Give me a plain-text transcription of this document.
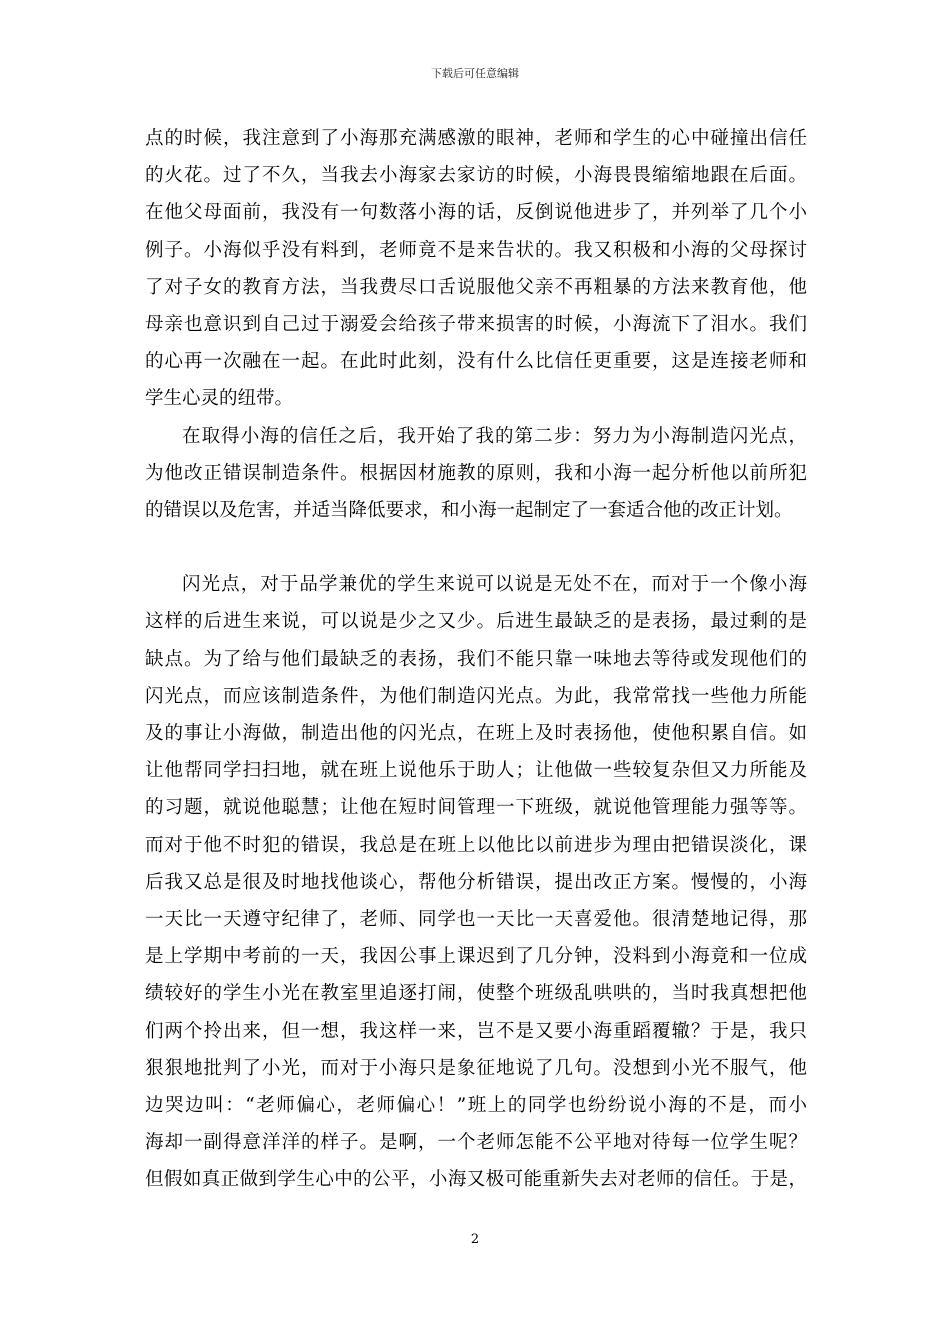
下载后可任意编辑
点的时候，我注意到了小海那充满感激的眼神，老师和学生的心中碰撞出信任
的火花。过了不久，当我去小海家去家访的时候，小海畏畏缩缩地跟在后面。
在他父母面前，我没有一句数落小海的话，反倒说他进步了，并列举了几个小
例子。小海似乎没有料到，老师竟不是来告状的。我又积极和小海的父母探讨
了对子女的教育方法，当我费尽口舌说服他父亲不再粗暴的方法来教育他，他
母亲也意识到自己过于溺爱会给孩子带来损害的时候，小海流下了泪水。我们
的心再一次融在一起。在此时此刻，没有什么比信任更重要，这是连接老师和
学生心灵的纽带。
在取得小海的信任之后，我开始了我的第二步：努力为小海制造闪光点，
为他改正错误制造条件。根据因材施教的原则，我和小海一起分析他以前所犯
的错误以及危害，并适当降低要求，和小海一起制定了一套适合他的改正计划。
闪光点，对于品学兼优的学生来说可以说是无处不在，而对于一个像小海
这样的后进生来说，可以说是少之又少。后进生最缺乏的是表扬，最过剩的是
缺点。为了给与他们最缺乏的表扬，我们不能只靠一味地去等待或发现他们的
闪光点，而应该制造条件，为他们制造闪光点。为此，我常常找一些他力所能
及的事让小海做，制造出他的闪光点，在班上及时表扬他，使他积累自信。如
让他帮同学扫扫地，就在班上说他乐于助人；让他做一些较复杂但又力所能及
的习题，就说他聪慧；让他在短时间管理一下班级，就说他管理能力强等等。
而对于他不时犯的错误，我总是在班上以他比以前进步为理由把错误淡化，课
后我又总是很及时地找他谈心，帮他分析错误，提出改正方案。慢慢的，小海
一天比一天遵守纪律了，老师、同学也一天比一天喜爱他。很清楚地记得，那
是上学期中考前的一天，我因公事上课迟到了几分钟，没料到小海竟和一位成
绩较好的学生小光在教室里追逐打闹，使整个班级乱哄哄的，当时我真想把他
们两个拎出来，但一想，我这样一来，岂不是又要小海重蹈覆辙？于是，我只
狠狠地批判了小光，而对于小海只是象征地说了几句。没想到小光不服气，他
边哭边叫：“老师偏心，老师偏心！”班上的同学也纷纷说小海的不是，而小
海却一副得意洋洋的样子。是啊，一个老师怎能不公平地对待每一位学生呢？
但假如真正做到学生心中的公平，小海又极可能重新失去对老师的信任。于是，
2
